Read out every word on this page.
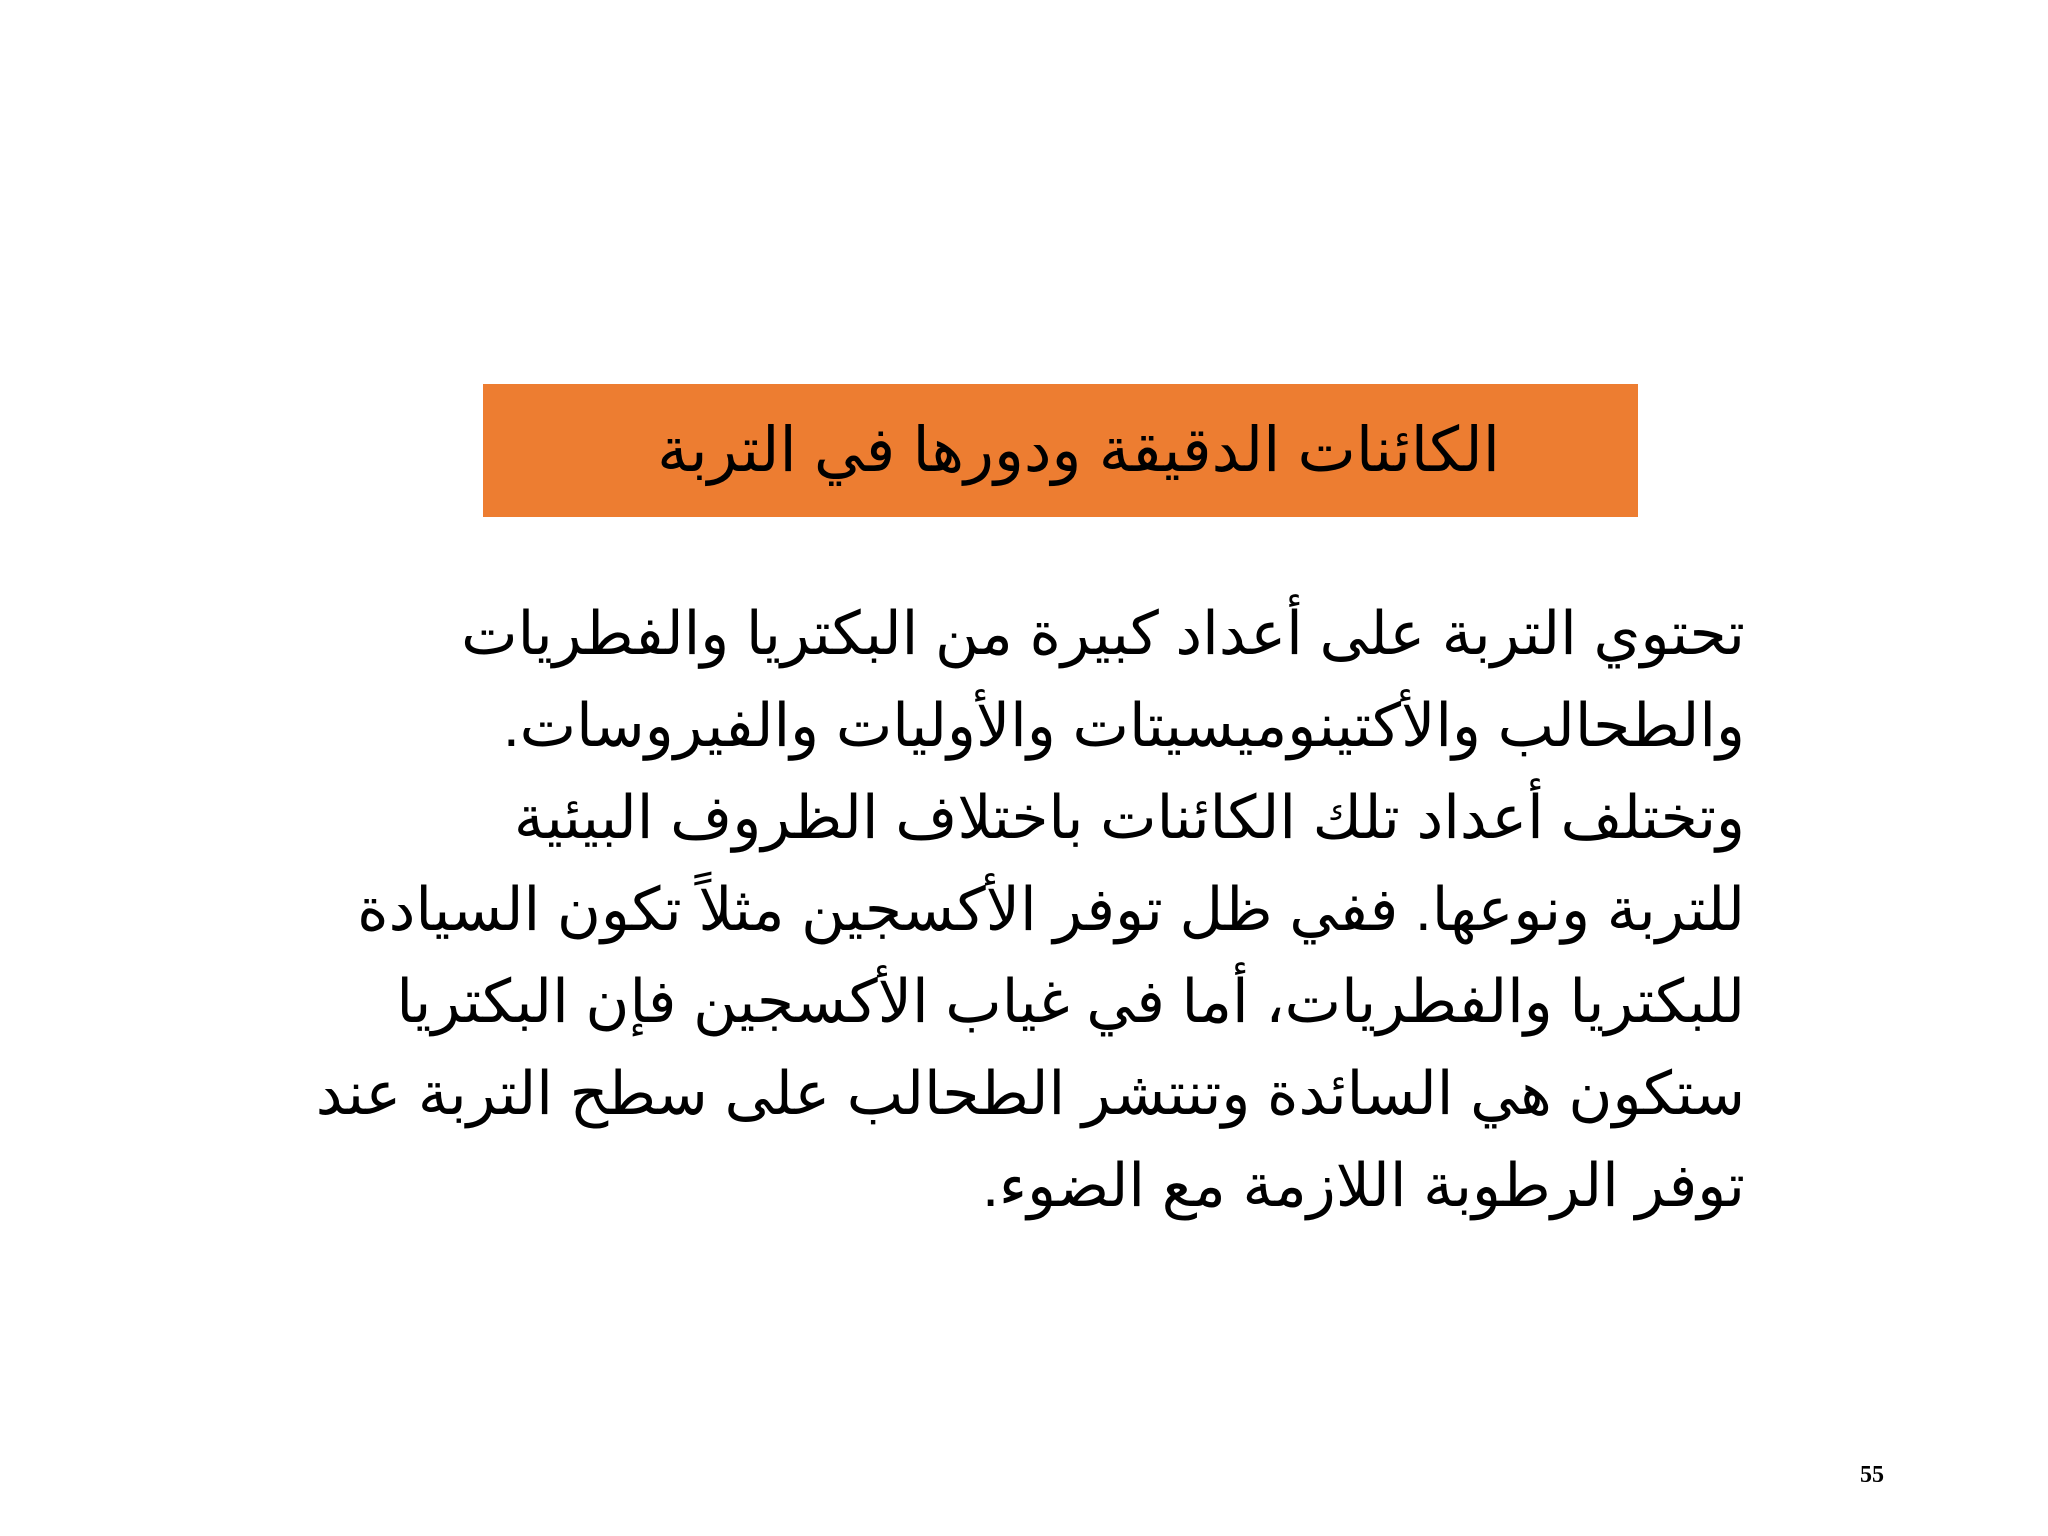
الكائنات الدقيقة ودورها في التربة

تحتوي التربة على أعداد كبيرة من البكتريا والفطريات
والطحالب والأكتينوميسيتات والأوليات والفيروسات.
وتختلف أعداد تلك الكائنات باختلاف الظروف البيئية
للتربة ونوعها. ففي ظل توفر الأكسجين مثلاً تكون السيادة
للبكتريا والفطريات، أما في غياب الأكسجين فإن البكتريا
ستكون هي السائدة وتنتشر الطحالب على سطح التربة عند
توفر الرطوبة اللازمة مع الضوء.

55
